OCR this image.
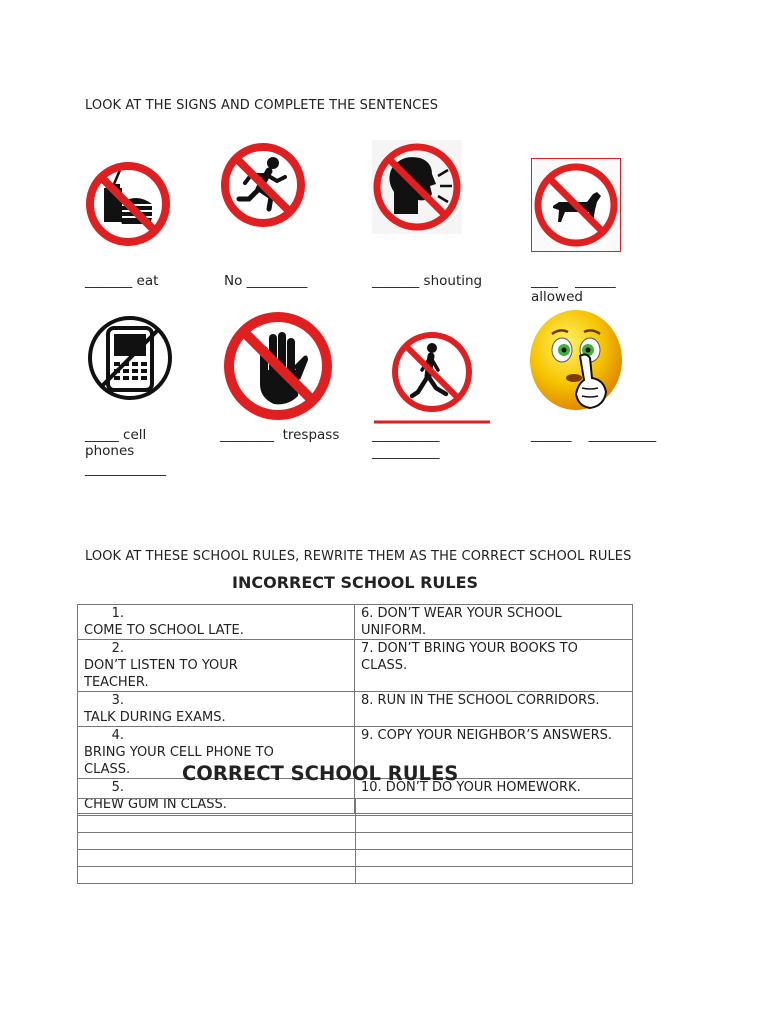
LOOK AT THE SIGNS AND COMPLETE THE SENTENCES
_______ eat	No _________	_______ shouting	____    ______
allowed
_____ cell
phones
____________
________  trespass __________
__________
______    __________
LOOK AT THESE SCHOOL RULES, REWRITE THEM AS THE CORRECT SCHOOL RULES
INCORRECT SCHOOL RULES
1.COME TO SCHOOL LATE.	6. DON’T WEAR YOUR SCHOOL UNIFORM.
2.DON’T LISTEN TO YOUR TEACHER.	7. DON’T BRING YOUR BOOKS TO CLASS.
3.TALK DURING EXAMS.	8. RUN IN THE SCHOOL CORRIDORS.
4.BRING YOUR CELL PHONE TO CLASS.	9. COPY YOUR NEIGHBOR’S ANSWERS.
5.CHEW GUM IN CLASS.	10. DON’T DO YOUR HOMEWORK.
CORRECT SCHOOL RULES
